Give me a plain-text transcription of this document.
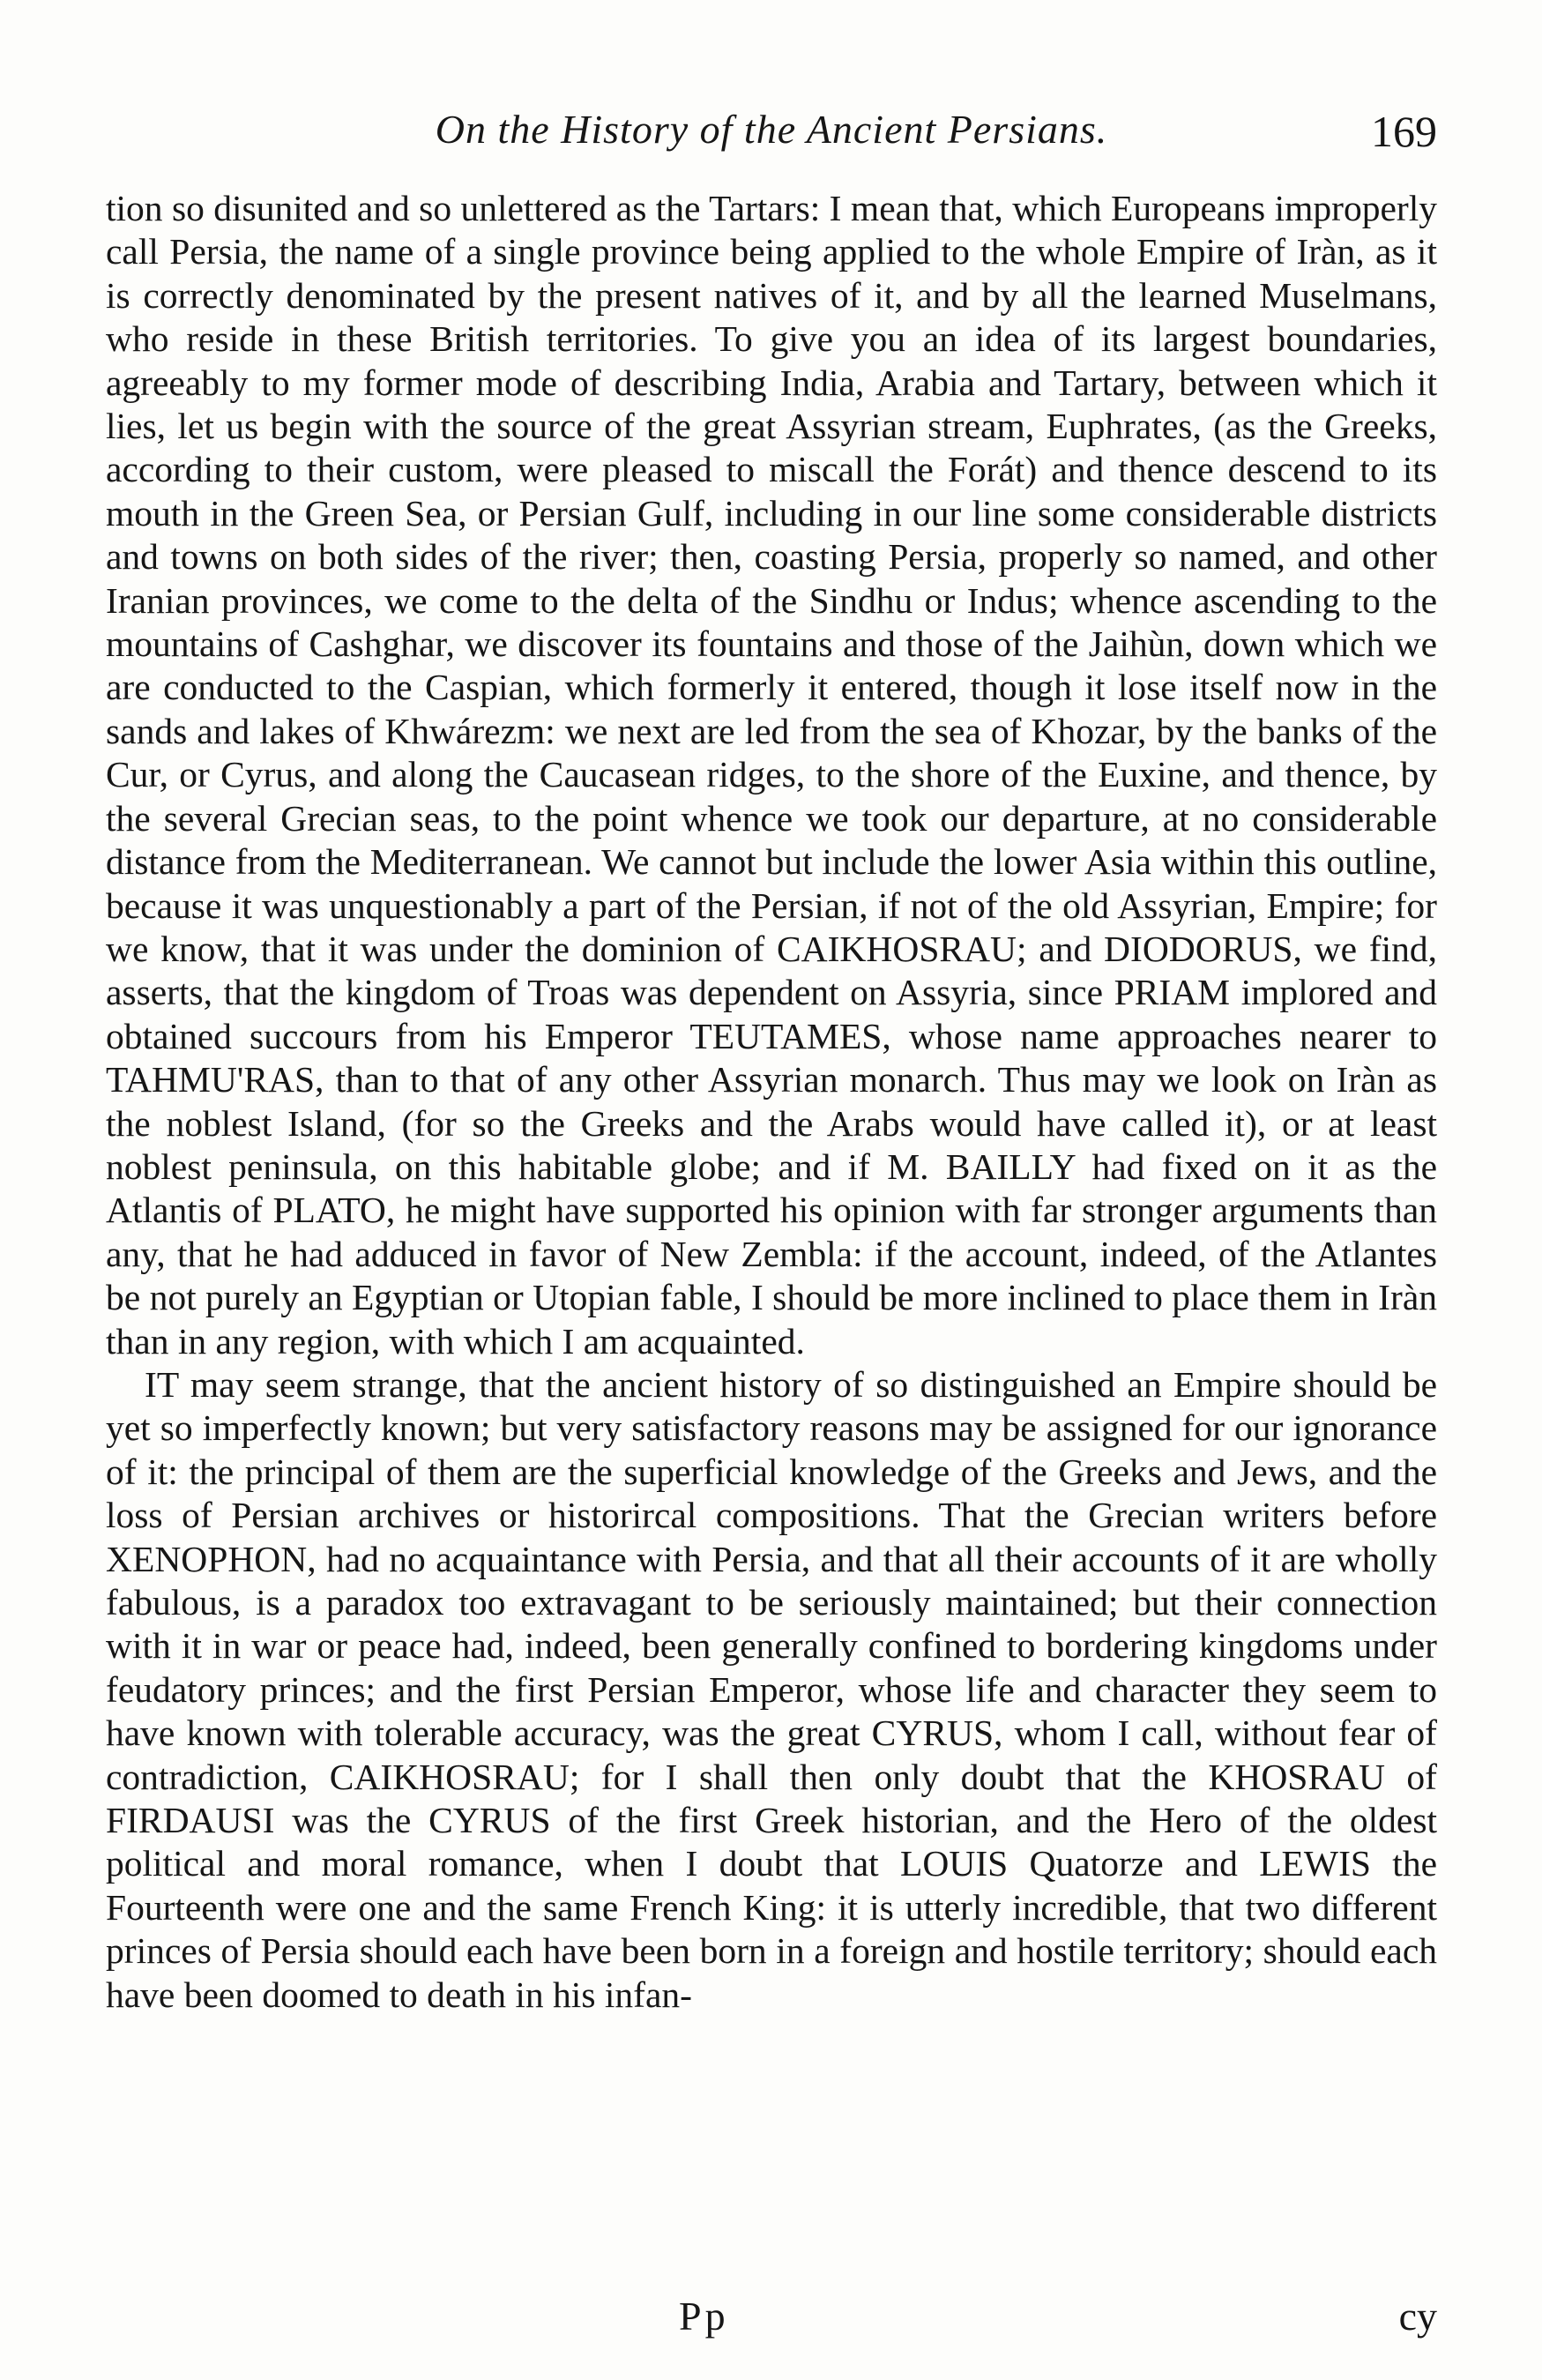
On the History of the Ancient Persians.	169

tion so disunited and so unlettered as the Tartars: I mean that, which Europeans improperly call Persia, the name of a single province being applied to the whole Empire of Iràn, as it is correctly denominated by the present natives of it, and by all the learned Muselmans, who reside in these British territories. To give you an idea of its largest boundaries, agreeably to my former mode of describing India, Arabia and Tartary, between which it lies, let us begin with the source of the great Assyrian stream, Euphrates, (as the Greeks, according to their custom, were pleased to miscall the Forát) and thence descend to its mouth in the Green Sea, or Persian Gulf, including in our line some considerable districts and towns on both sides of the river; then, coasting Persia, properly so named, and other Iranian provinces, we come to the delta of the Sindhu or Indus; whence ascending to the mountains of Cashghar, we discover its fountains and those of the Jaihùn, down which we are conducted to the Caspian, which formerly it entered, though it lose itself now in the sands and lakes of Khwárezm: we next are led from the sea of Khozar, by the banks of the Cur, or Cyrus, and along the Caucasean ridges, to the shore of the Euxine, and thence, by the several Grecian seas, to the point whence we took our departure, at no considerable distance from the Mediterranean. We cannot but include the lower Asia within this outline, because it was unquestionably a part of the Persian, if not of the old Assyrian, Empire; for we know, that it was under the dominion of CAIKHOSRAU; and DIODORUS, we find, asserts, that the kingdom of Troas was dependent on Assyria, since PRIAM implored and obtained succours from his Emperor TEUTAMES, whose name approaches nearer to TAHMU'RAS, than to that of any other Assyrian monarch. Thus may we look on Iràn as the noblest Island, (for so the Greeks and the Arabs would have called it), or at least noblest peninsula, on this habitable globe; and if M. BAILLY had fixed on it as the Atlantis of PLATO, he might have supported his opinion with far stronger arguments than any, that he had adduced in favor of New Zembla: if the account, indeed, of the Atlantes be not purely an Egyptian or Utopian fable, I should be more inclined to place them in Iràn than in any region, with which I am acquainted.

IT may seem strange, that the ancient history of so distinguished an Empire should be yet so imperfectly known; but very satisfactory reasons may be assigned for our ignorance of it: the principal of them are the superficial knowledge of the Greeks and Jews, and the loss of Persian archives or historircal compositions. That the Grecian writers before XENOPHON, had no acquaintance with Persia, and that all their accounts of it are wholly fabulous, is a paradox too extravagant to be seriously maintained; but their connection with it in war or peace had, indeed, been generally confined to bordering kingdoms under feudatory princes; and the first Persian Emperor, whose life and character they seem to have known with tolerable accuracy, was the great CYRUS, whom I call, without fear of contradiction, CAIKHOSRAU; for I shall then only doubt that the KHOSRAU of FIRDAUSI was the CYRUS of the first Greek historian, and the Hero of the oldest political and moral romance, when I doubt that LOUIS Quatorze and LEWIS the Fourteenth were one and the same French King: it is utterly incredible, that two different princes of Persia should each have been born in a foreign and hostile territory; should each have been doomed to death in his infan-

Pp	cy
